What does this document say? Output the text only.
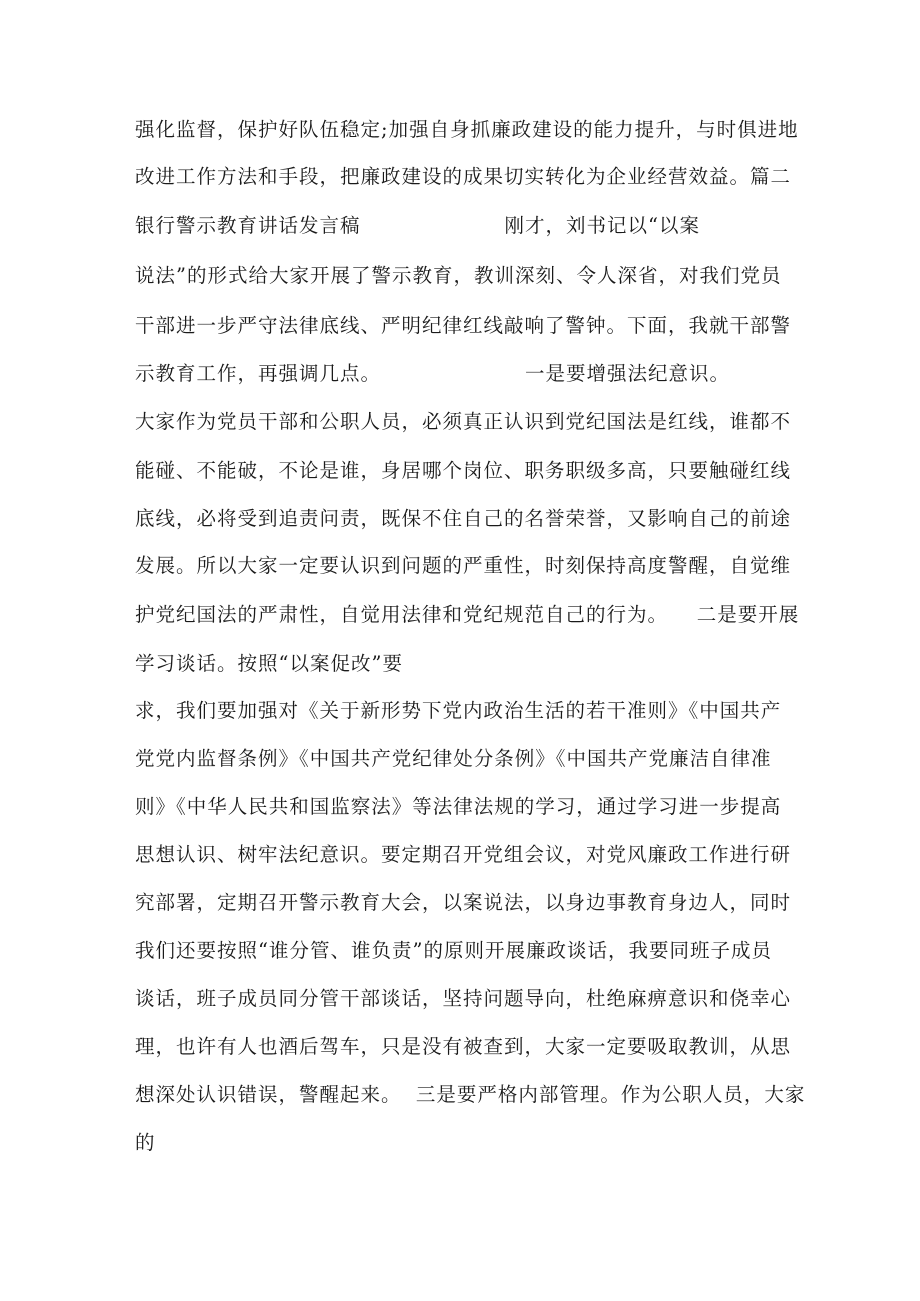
强化监督，保护好队伍稳定;加强自身抓廉政建设的能力提升，与时俱进地
改进工作方法和手段，把廉政建设的成果切实转化为企业经营效益。篇二
银行警示教育讲话发言稿                    刚才，刘书记以“以案
说法”的形式给大家开展了警示教育，教训深刻、令人深省，对我们党员
干部进一步严守法律底线、严明纪律红线敲响了警钟。下面，我就干部警
示教育工作，再强调几点。                    一是要增强法纪意识。
大家作为党员干部和公职人员，必须真正认识到党纪国法是红线，谁都不
能碰、不能破，不论是谁，身居哪个岗位、职务职级多高，只要触碰红线
底线，必将受到追责问责，既保不住自己的名誉荣誉，又影响自己的前途
发展。所以大家一定要认识到问题的严重性，时刻保持高度警醒，自觉维
护党纪国法的严肃性，自觉用法律和党纪规范自己的行为。    二是要开展
学习谈话。按照“以案促改”要
求，我们要加强对《关于新形势下党内政治生活的若干准则》《中国共产
党党内监督条例》《中国共产党纪律处分条例》《中国共产党廉洁自律准
则》《中华人民共和国监察法》等法律法规的学习，通过学习进一步提高
思想认识、树牢法纪意识。要定期召开党组会议，对党风廉政工作进行研
究部署，定期召开警示教育大会，以案说法，以身边事教育身边人，同时
我们还要按照“谁分管、谁负责”的原则开展廉政谈话，我要同班子成员
谈话，班子成员同分管干部谈话，坚持问题导向，杜绝麻痹意识和侥幸心
理，也许有人也酒后驾车，只是没有被查到，大家一定要吸取教训，从思
想深处认识错误，警醒起来。  三是要严格内部管理。作为公职人员，大家
的
